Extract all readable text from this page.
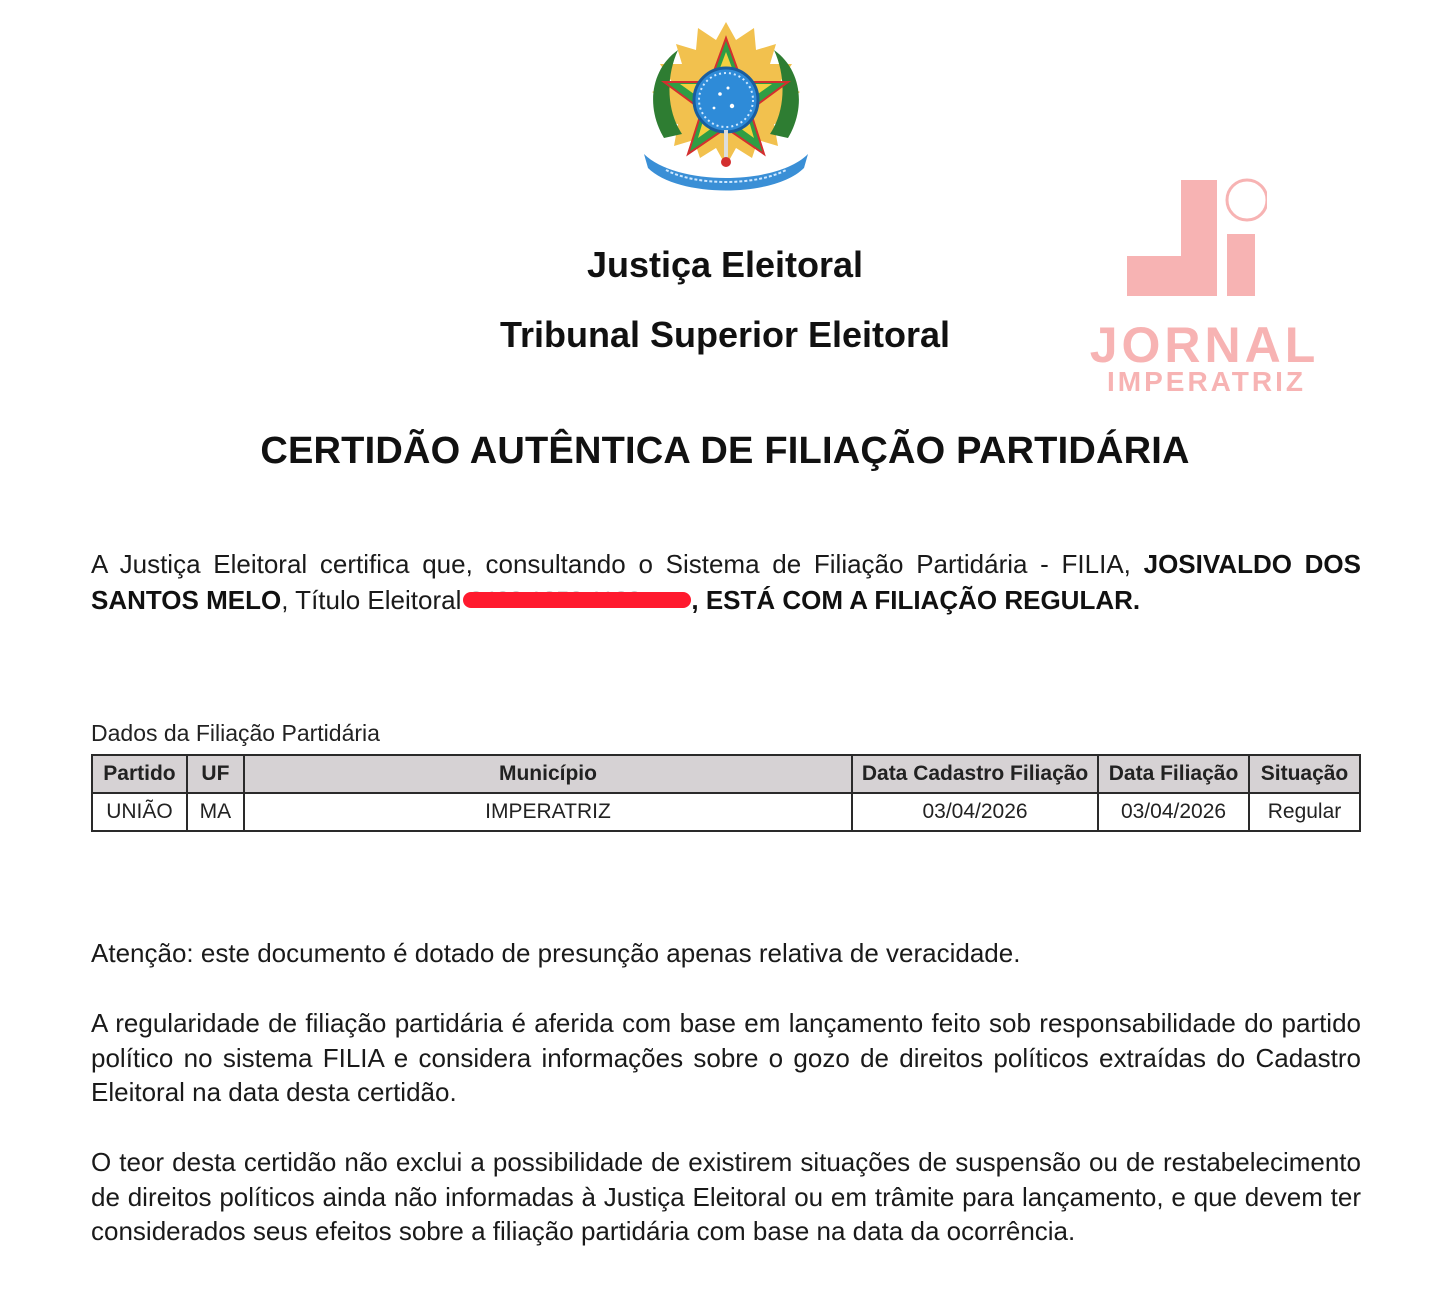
JORNAL
IMPERATRIZ
Justiça Eleitoral
Tribunal Superior Eleitoral
CERTIDÃO AUTÊNTICA DE FILIAÇÃO PARTIDÁRIA
A Justiça Eleitoral certifica que, consultando o Sistema de Filiação Partidária - FILIA, JOSIVALDO DOS SANTOS MELO, Título Eleitoral	, ESTÁ COM A FILIAÇÃO REGULAR.
Dados da Filiação Partidária
Partido	UF	Município	Data Cadastro Filiação	Data Filiação	Situação
UNIÃO	MA	IMPERATRIZ	03/04/2026	03/04/2026	Regular
Atenção: este documento é dotado de presunção apenas relativa de veracidade.
A regularidade de filiação partidária é aferida com base em lançamento feito sob responsabilidade do partido político no sistema FILIA e considera informações sobre o gozo de direitos políticos extraídas do Cadastro Eleitoral na data desta certidão.
O teor desta certidão não exclui a possibilidade de existirem situações de suspensão ou de restabelecimento de direitos políticos ainda não informadas à Justiça Eleitoral ou em trâmite para lançamento, e que devem ter considerados seus efeitos sobre a filiação partidária com base na data da ocorrência.
